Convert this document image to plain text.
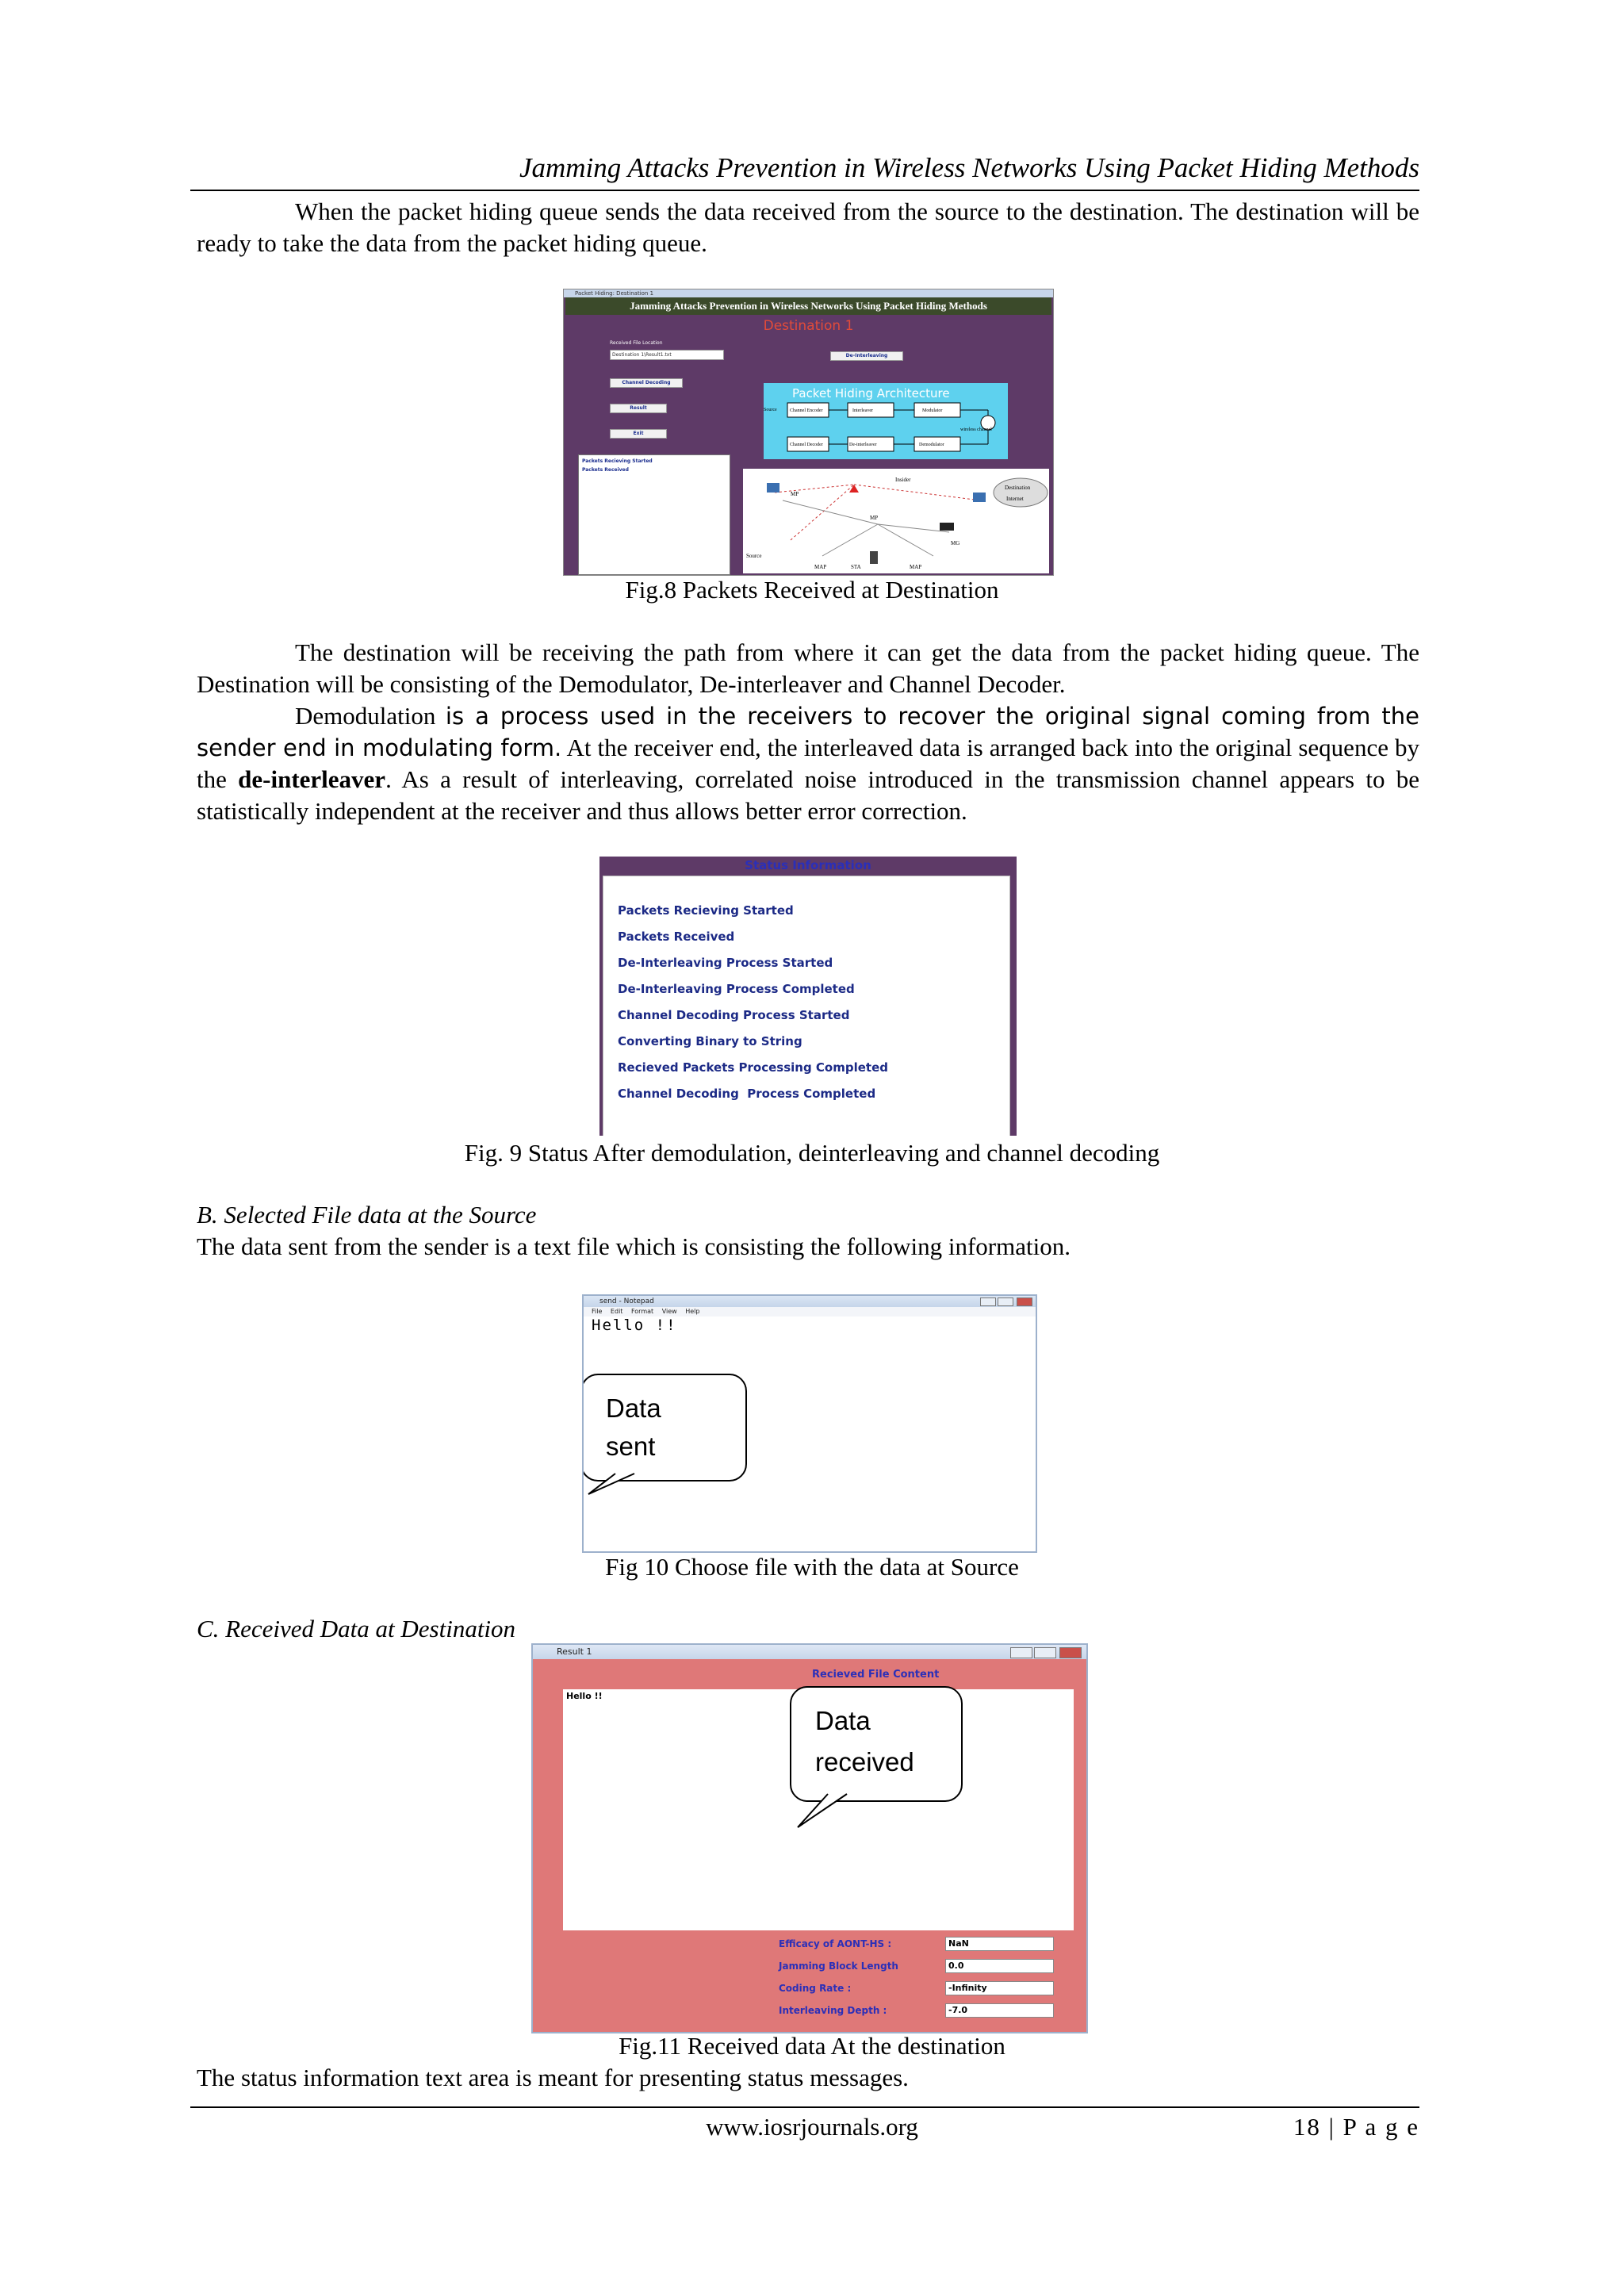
Jamming Attacks Prevention in Wireless Networks Using Packet Hiding Methods

When the packet hiding queue sends the data received from the source to the destination. The destination will be ready to take the data from the packet hiding queue.

Packet Hiding: Destination 1
Jamming Attacks Prevention in Wireless Networks Using Packet Hiding Methods
Destination 1
Received File Location
Destination 1\Result1.txt	De-Interleaving
Channel Decoding
Result
Exit
Packets Recieving Started
Packets Received
Packet Hiding Architecture
Source	Channel Encoder	Interleaver	Modulator
wireless channel
Channel Decoder	De-interleaver	Demodulator
Insider
MP
MP
Source
MAP	STA	MAP
MG
Destination
Internet
Fig.8 Packets Received at Destination

The destination will be receiving the path from where it can get the data from the packet hiding queue. The Destination will be consisting of the Demodulator, De-interleaver and Channel Decoder.

Demodulation is a process used in the receivers to recover the original signal coming from the sender end in modulating form. At the receiver end, the interleaved data is arranged back into the original sequence by the de-interleaver. As a result of interleaving, correlated noise introduced in the transmission channel appears to be statistically independent at the receiver and thus allows better error correction.

Status Information
Packets Recieving Started
Packets Received
De-Interleaving Process Started
De-Interleaving Process Completed
Channel Decoding Process Started
Converting Binary to String
Recieved Packets Processing Completed
Channel Decoding  Process Completed
Fig. 9 Status After demodulation, deinterleaving and channel decoding
B. Selected File data at the Source
The data sent from the sender is a text file which is consisting the following information.
send - Notepad
File Edit Format View Help
Hello !!
Data
sent
Fig 10 Choose file with the data at Source
C. Received Data at Destination
Result 1
Recieved File Content
Hello !!
Data
received
Efficacy of AONT-HS :	NaN
Jamming Block Length	0.0
Coding Rate :	-Infinity
Interleaving Depth :	-7.0
Fig.11 Received data At the destination
The status information text area is meant for presenting status messages.
www.iosrjournals.org	18 | P a g e
